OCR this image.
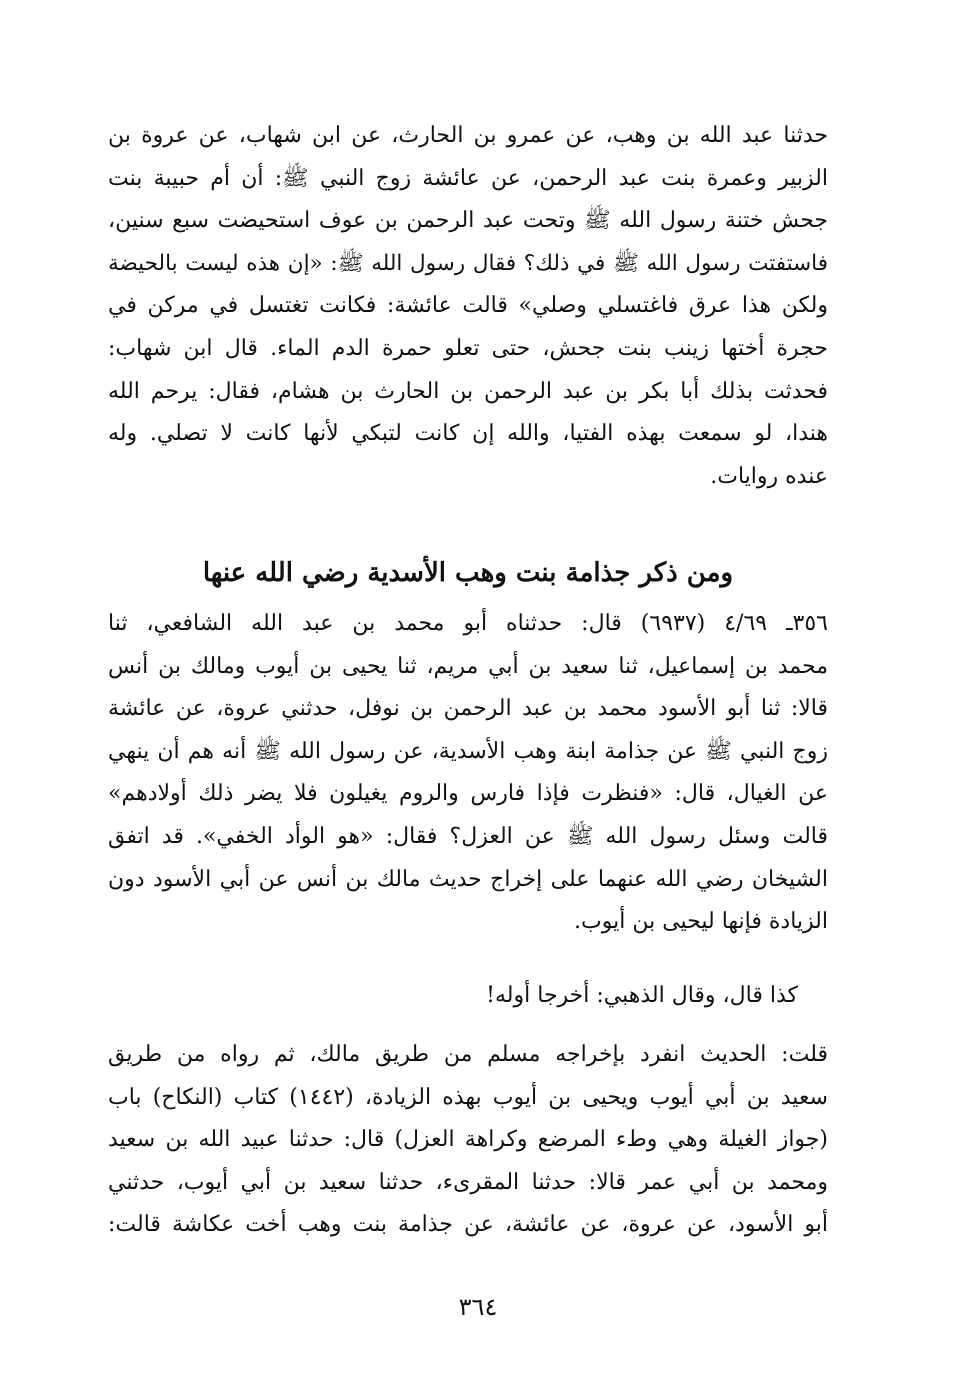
حدثنا عبد الله بن وهب، عن عمرو بن الحارث، عن ابن شهاب، عن عروة بن
الزبير وعمرة بنت عبد الرحمن، عن عائشة زوج النبي ﷺ: أن أم حبيبة بنت
جحش ختنة رسول الله ﷺ وتحت عبد الرحمن بن عوف استحيضت سبع سنين،
فاستفتت رسول الله ﷺ في ذلك؟ فقال رسول الله ﷺ: «إن هذه ليست بالحيضة
ولكن هذا عرق فاغتسلي وصلي» قالت عائشة: فكانت تغتسل في مركن في
حجرة أختها زينب بنت جحش، حتى تعلو حمرة الدم الماء. قال ابن شهاب:
فحدثت بذلك أبا بكر بن عبد الرحمن بن الحارث بن هشام، فقال: يرحم الله
هندا، لو سمعت بهذه الفتيا، والله إن كانت لتبكي لأنها كانت لا تصلي. وله
عنده روايات.
ومن ذكر جذامة بنت وهب الأسدية رضي الله عنها
٣٥٦ـ ٤/٦٩ (٦٩٣٧) قال: حدثناه أبو محمد بن عبد الله الشافعي، ثنا
محمد بن إسماعيل، ثنا سعيد بن أبي مريم، ثنا يحيى بن أيوب ومالك بن أنس
قالا: ثنا أبو الأسود محمد بن عبد الرحمن بن نوفل، حدثني عروة، عن عائشة
زوج النبي ﷺ عن جذامة ابنة وهب الأسدية، عن رسول الله ﷺ أنه هم أن ينهي
عن الغيال، قال: «فنظرت فإذا فارس والروم يغيلون فلا يضر ذلك أولادهم»
قالت وسئل رسول الله ﷺ عن العزل؟ فقال: «هو الوأد الخفي». قد اتفق
الشيخان رضي الله عنهما على إخراج حديث مالك بن أنس عن أبي الأسود دون
الزيادة فإنها ليحيى بن أيوب.
كذا قال، وقال الذهبي: أخرجا أوله!
قلت: الحديث انفرد بإخراجه مسلم من طريق مالك، ثم رواه من طريق
سعيد بن أبي أيوب ويحيى بن أيوب بهذه الزيادة، (١٤٤٢) كتاب (النكاح) باب
(جواز الغيلة وهي وطء المرضع وكراهة العزل) قال: حدثنا عبيد الله بن سعيد
ومحمد بن أبي عمر قالا: حدثنا المقرىء، حدثنا سعيد بن أبي أيوب، حدثني
أبو الأسود، عن عروة، عن عائشة، عن جذامة بنت وهب أخت عكاشة قالت:
٣٦٤
